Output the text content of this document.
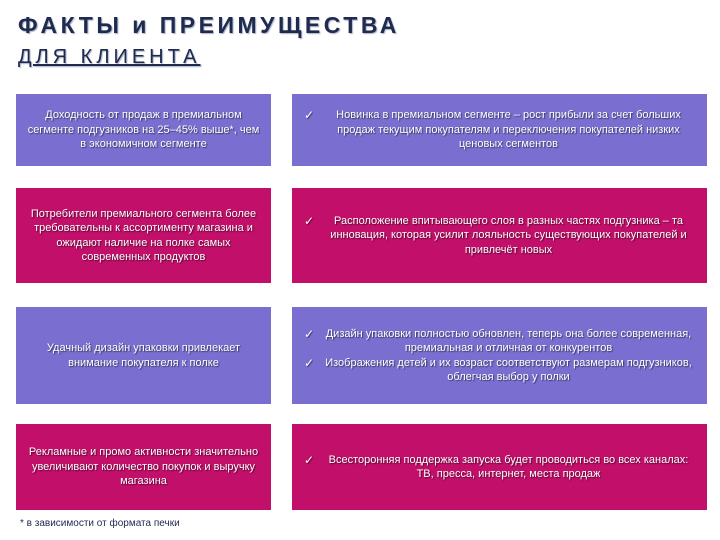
ФАКТЫ и ПРЕИМУЩЕСТВА
ДЛЯ КЛИЕНТА
Доходность от продаж в премиальном сегменте подгузников на 25–45% выше*, чем в экономичном сегменте
✓	Новинка в премиальном сегменте – рост прибыли за счет больших продаж текущим покупателям и переключения покупателей низких ценовых сегментов
Потребители премиального сегмента более требовательны к ассортименту магазина и ожидают наличие на полке самых современных продуктов
✓	Расположение впитывающего слоя в разных частях подгузника – та инновация, которая усилит лояльность существующих покупателей и привлечёт новых
Удачный дизайн упаковки привлекает внимание покупателя к полке
✓	Дизайн упаковки полностью обновлен, теперь она более современная, премиальная и отличная от конкурентов
✓	Изображения детей и их возраст соответствуют размерам подгузников, облегчая выбор у полки
Рекламные и промо активности значительно увеличивают количество покупок и выручку магазина
✓	Всесторонняя поддержка запуска будет проводиться во всех каналах: ТВ, пресса, интернет, места продаж
* в зависимости от формата печки
